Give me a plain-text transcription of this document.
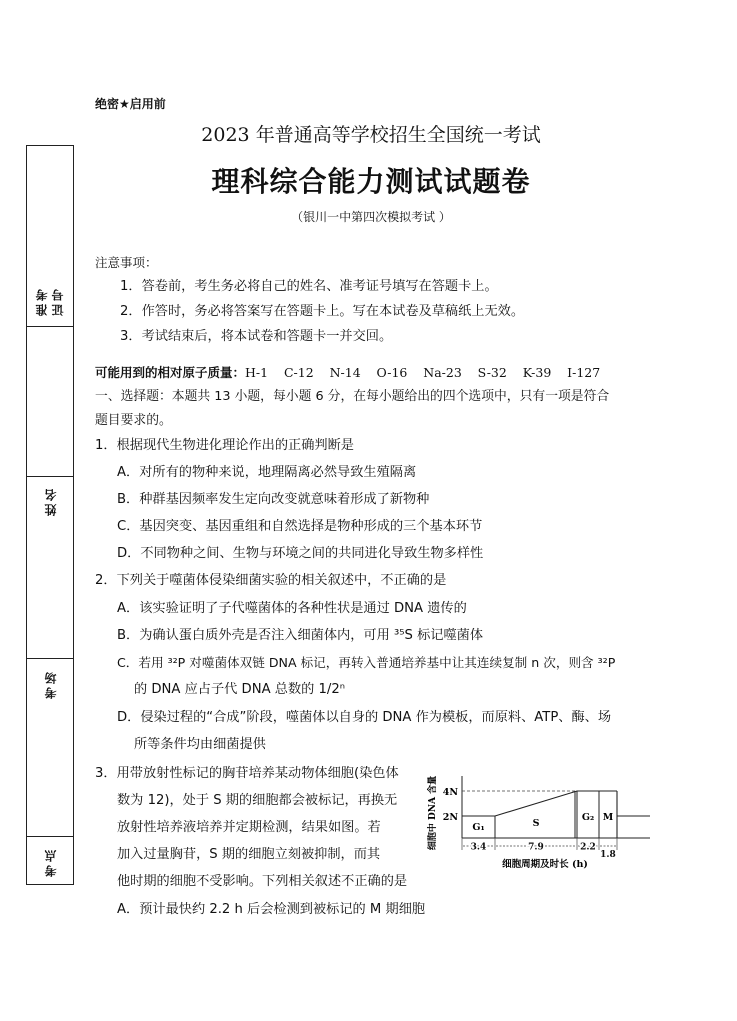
准考证号
姓名
考场
考点
绝密★启用前
2023 年普通高等学校招生全国统一考试
理科综合能力测试试题卷
（银川一中第四次模拟考试 ）
注意事项：
1．答卷前，考生务必将自己的姓名、准考证号填写在答题卡上。
2．作答时，务必将答案写在答题卡上。写在本试卷及草稿纸上无效。
3．考试结束后，将本试卷和答题卡一并交回。
可能用到的相对原子质量：H-1    C-12    N-14    O-16    Na-23    S-32    K-39    I-127
一、选择题：本题共 13 小题，每小题 6 分，在每小题给出的四个选项中，只有一项是符合
题目要求的。
1．根据现代生物进化理论作出的正确判断是
A．对所有的物种来说，地理隔离必然导致生殖隔离
B．种群基因频率发生定向改变就意味着形成了新物种
C．基因突变、基因重组和自然选择是物种形成的三个基本环节
D．不同物种之间、生物与环境之间的共同进化导致生物多样性
2．下列关于噬菌体侵染细菌实验的相关叙述中，不正确的是
A．该实验证明了子代噬菌体的各种性状是通过 DNA 遗传的
B．为确认蛋白质外壳是否注入细菌体内，可用 ³⁵S 标记噬菌体
C．若用 ³²P 对噬菌体双链 DNA 标记，再转入普通培养基中让其连续复制 n 次，则含 ³²P
的 DNA 应占子代 DNA 总数的 1/2ⁿ
D．侵染过程的“合成”阶段，噬菌体以自身的 DNA 作为模板，而原料、ATP、酶、场
所等条件均由细菌提供
3．用带放射性标记的胸苷培养某动物体细胞(染色体
数为 12)，处于 S 期的细胞都会被标记，再换无
放射性培养液培养并定期检测，结果如图。若
加入过量胸苷，S 期的细胞立刻被抑制，而其
他时期的细胞不受影响。下列相关叙述不正确的是
A．预计最快约 2.2 h 后会检测到被标记的 M 期细胞
细胞中 DNA 含量
细胞周期及时长 (h)
4N
2N
G₁
3.4
S
7.9
G₂
2.2
M
1.8
